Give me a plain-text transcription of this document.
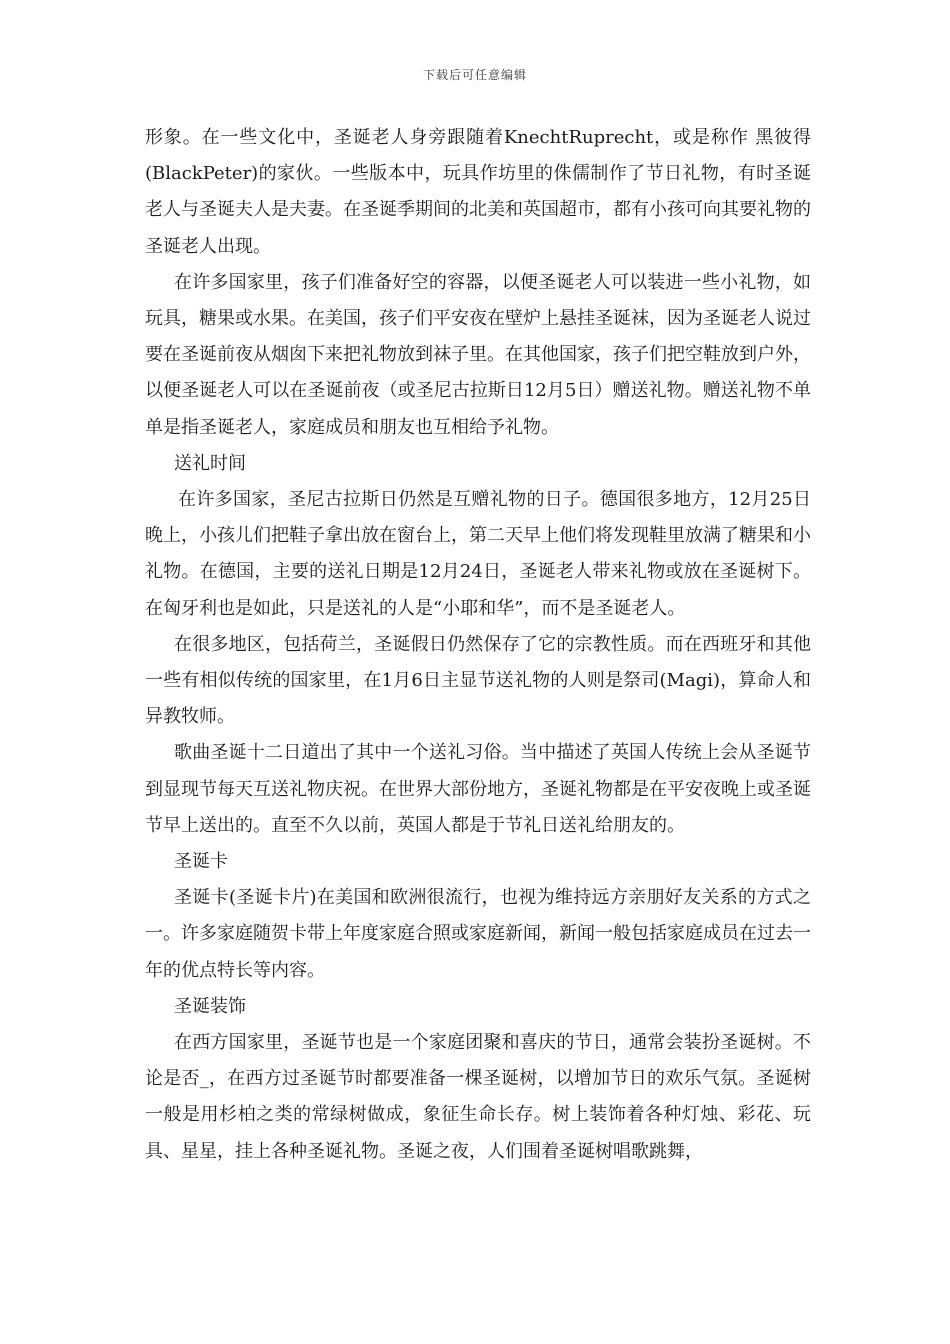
下载后可任意编辑

形象。在一些文化中，圣诞老人身旁跟随着KnechtRuprecht，或是称作 黑彼得 (BlackPeter)的家伙。一些版本中，玩具作坊里的侏儒制作了节日礼物，有时圣诞老人与圣诞夫人是夫妻。在圣诞季期间的北美和英国超市，都有小孩可向其要礼物的圣诞老人出现。

在许多国家里，孩子们准备好空的容器，以便圣诞老人可以装进一些小礼物，如玩具，糖果或水果。在美国，孩子们平安夜在壁炉上悬挂圣诞袜，因为圣诞老人说过要在圣诞前夜从烟囱下来把礼物放到袜子里。在其他国家，孩子们把空鞋放到户外，以便圣诞老人可以在圣诞前夜（或圣尼古拉斯日12月5日）赠送礼物。赠送礼物不单单是指圣诞老人，家庭成员和朋友也互相给予礼物。

送礼时间

在许多国家，圣尼古拉斯日仍然是互赠礼物的日子。德国很多地方，12月25日晚上，小孩儿们把鞋子拿出放在窗台上，第二天早上他们将发现鞋里放满了糖果和小礼物。在德国，主要的送礼日期是12月24日，圣诞老人带来礼物或放在圣诞树下。在匈牙利也是如此，只是送礼的人是“小耶和华”，而不是圣诞老人。

在很多地区，包括荷兰，圣诞假日仍然保存了它的宗教性质。而在西班牙和其他一些有相似传统的国家里，在1月6日主显节送礼物的人则是祭司(Magi)，算命人和异教牧师。

歌曲圣诞十二日道出了其中一个送礼习俗。当中描述了英国人传统上会从圣诞节到显现节每天互送礼物庆祝。在世界大部份地方，圣诞礼物都是在平安夜晚上或圣诞节早上送出的。直至不久以前，英国人都是于节礼日送礼给朋友的。

圣诞卡

圣诞卡(圣诞卡片)在美国和欧洲很流行，也视为维持远方亲朋好友关系的方式之一。许多家庭随贺卡带上年度家庭合照或家庭新闻，新闻一般包括家庭成员在过去一年的优点特长等内容。

圣诞装饰

在西方国家里，圣诞节也是一个家庭团聚和喜庆的节日，通常会装扮圣诞树。不论是否_，在西方过圣诞节时都要准备一棵圣诞树，以增加节日的欢乐气氛。圣诞树一般是用杉柏之类的常绿树做成，象征生命长存。树上装饰着各种灯烛、彩花、玩具、星星，挂上各种圣诞礼物。圣诞之夜，人们围着圣诞树唱歌跳舞，
